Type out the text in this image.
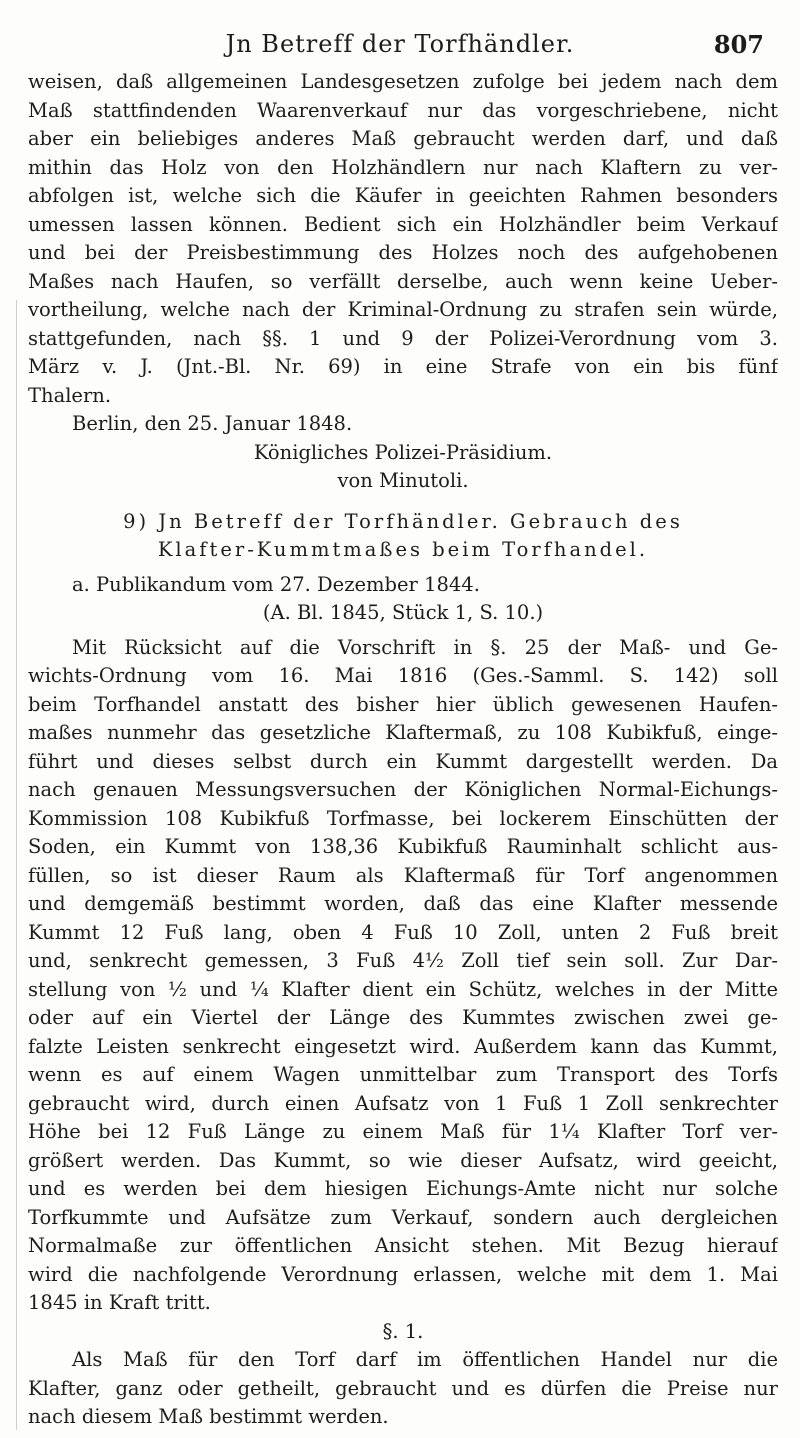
Jn Betreff der Torfhändler.	807
weisen, daß allgemeinen Landesgesetzen zufolge bei jedem nach dem
Maß stattfindenden Waarenverkauf nur das vorgeschriebene, nicht
aber ein beliebiges anderes Maß gebraucht werden darf, und daß
mithin das Holz von den Holzhändlern nur nach Klaftern zu ver-
abfolgen ist, welche sich die Käufer in geeichten Rahmen besonders
umessen lassen können. Bedient sich ein Holzhändler beim Verkauf
und bei der Preisbestimmung des Holzes noch des aufgehobenen
Maßes nach Haufen, so verfällt derselbe, auch wenn keine Ueber-
vortheilung, welche nach der Kriminal-Ordnung zu strafen sein würde,
stattgefunden, nach §§. 1 und 9 der Polizei-Verordnung vom 3.
März v. J. (Jnt.-Bl. Nr. 69) in eine Strafe von ein bis fünf
Thalern.
Berlin, den 25. Januar 1848.
Königliches Polizei-Präsidium.
von Minutoli.
9) Jn Betreff der Torfhändler. Gebrauch des
Klafter-Kummtmaßes beim Torfhandel.
a. Publikandum vom 27. Dezember 1844.
(A. Bl. 1845, Stück 1, S. 10.)
Mit Rücksicht auf die Vorschrift in §. 25 der Maß- und Ge-
wichts-Ordnung vom 16. Mai 1816 (Ges.-Samml. S. 142) soll
beim Torfhandel anstatt des bisher hier üblich gewesenen Haufen-
maßes nunmehr das gesetzliche Klaftermaß, zu 108 Kubikfuß, einge-
führt und dieses selbst durch ein Kummt dargestellt werden. Da
nach genauen Messungsversuchen der Königlichen Normal-Eichungs-
Kommission 108 Kubikfuß Torfmasse, bei lockerem Einschütten der
Soden, ein Kummt von 138,36 Kubikfuß Rauminhalt schlicht aus-
füllen, so ist dieser Raum als Klaftermaß für Torf angenommen
und demgemäß bestimmt worden, daß das eine Klafter messende
Kummt 12 Fuß lang, oben 4 Fuß 10 Zoll, unten 2 Fuß breit
und, senkrecht gemessen, 3 Fuß 4½ Zoll tief sein soll. Zur Dar-
stellung von ½ und ¼ Klafter dient ein Schütz, welches in der Mitte
oder auf ein Viertel der Länge des Kummtes zwischen zwei ge-
falzte Leisten senkrecht eingesetzt wird. Außerdem kann das Kummt,
wenn es auf einem Wagen unmittelbar zum Transport des Torfs
gebraucht wird, durch einen Aufsatz von 1 Fuß 1 Zoll senkrechter
Höhe bei 12 Fuß Länge zu einem Maß für 1¼ Klafter Torf ver-
größert werden. Das Kummt, so wie dieser Aufsatz, wird geeicht,
und es werden bei dem hiesigen Eichungs-Amte nicht nur solche
Torfkummte und Aufsätze zum Verkauf, sondern auch dergleichen
Normalmaße zur öffentlichen Ansicht stehen. Mit Bezug hierauf
wird die nachfolgende Verordnung erlassen, welche mit dem 1. Mai
1845 in Kraft tritt.
§. 1.
Als Maß für den Torf darf im öffentlichen Handel nur die
Klafter, ganz oder getheilt, gebraucht und es dürfen die Preise nur
nach diesem Maß bestimmt werden.
